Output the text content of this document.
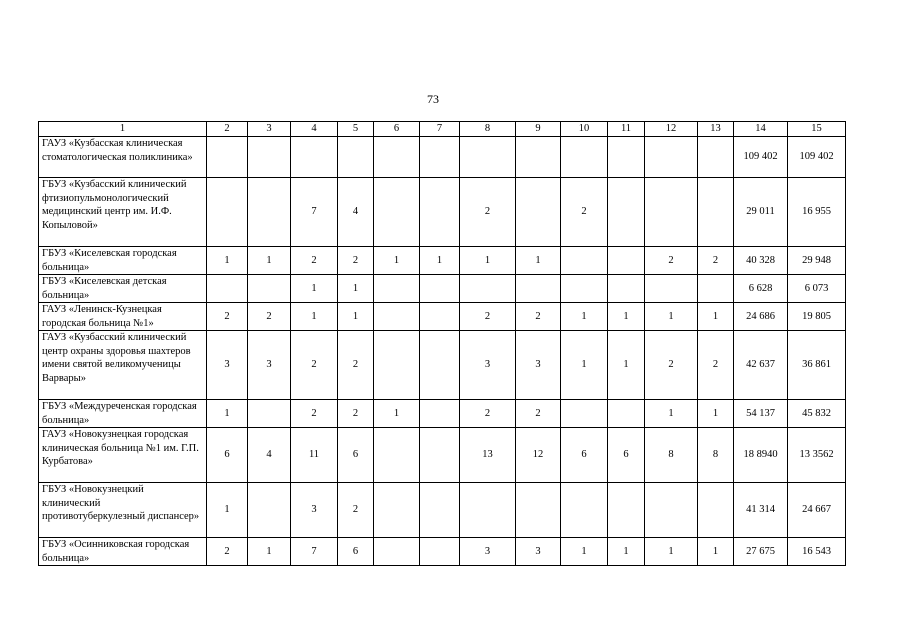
73
1	2	3	4	5	6	7	8	9	10	11	12	13	14	15
ГАУЗ «Кузбасская клиническая стоматологическая поликлиника»													109 402	109 402
ГБУЗ «Кузбасский клинический фтизиопульмонологический медицинский центр им. И.Ф. Копыловой»			7	4			2		2				29 011	16 955
ГБУЗ «Киселевская городская больница»	1	1	2	2	1	1	1	1			2	2	40 328	29 948
ГБУЗ «Киселевская детская больница»			1	1									6 628	6 073
ГАУЗ «Ленинск-Кузнецкая городская больница №1»	2	2	1	1			2	2	1	1	1	1	24 686	19 805
ГАУЗ «Кузбасский клинический центр охраны здоровья шахтеров имени святой великомученицы Варвары»	3	3	2	2			3	3	1	1	2	2	42 637	36 861
ГБУЗ «Междуреченская городская больница»	1		2	2	1		2	2			1	1	54 137	45 832
ГАУЗ «Новокузнецкая городская клиническая больница №1 им. Г.П. Курбатова»	6	4	11	6			13	12	6	6	8	8	18 8940	13 3562
ГБУЗ «Новокузнецкий клинический противотуберкулезный диспансер»	1		3	2									41 314	24 667
ГБУЗ «Осинниковская городская больница»	2	1	7	6			3	3	1	1	1	1	27 675	16 543
